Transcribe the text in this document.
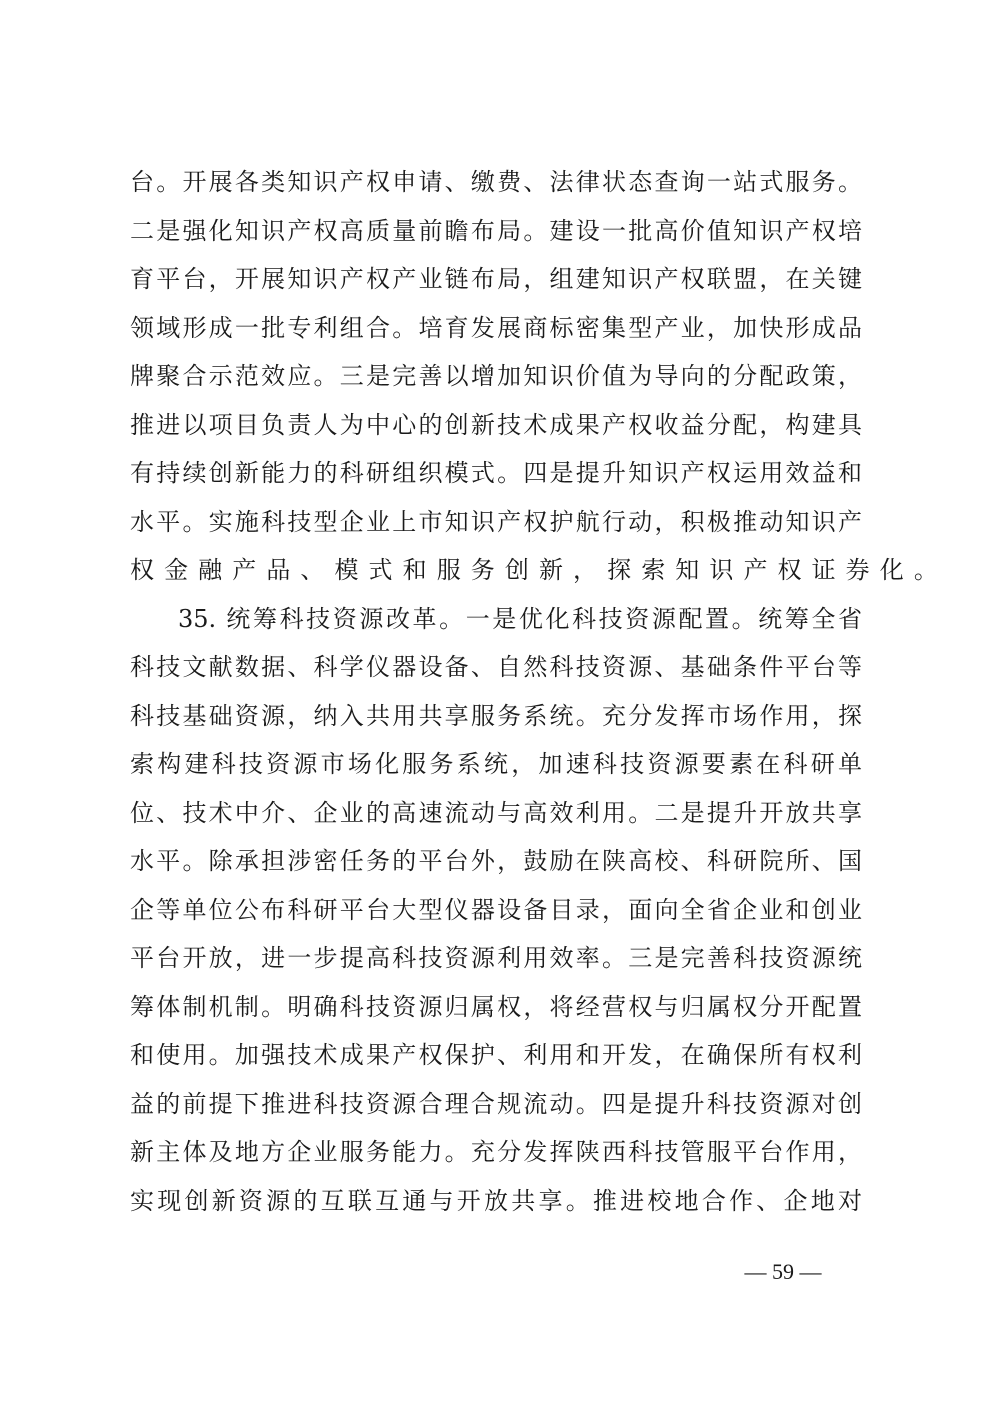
台。开展各类知识产权申请、缴费、法律状态查询一站式服务。
二是强化知识产权高质量前瞻布局。建设一批高价值知识产权培
育平台，开展知识产权产业链布局，组建知识产权联盟，在关键
领域形成一批专利组合。培育发展商标密集型产业，加快形成品
牌聚合示范效应。三是完善以增加知识价值为导向的分配政策，
推进以项目负责人为中心的创新技术成果产权收益分配，构建具
有持续创新能力的科研组织模式。四是提升知识产权运用效益和
水平。实施科技型企业上市知识产权护航行动，积极推动知识产
权金融产品、模式和服务创新，探索知识产权证券化。
35. 统筹科技资源改革。一是优化科技资源配置。统筹全省
科技文献数据、科学仪器设备、自然科技资源、基础条件平台等
科技基础资源，纳入共用共享服务系统。充分发挥市场作用，探
索构建科技资源市场化服务系统，加速科技资源要素在科研单
位、技术中介、企业的高速流动与高效利用。二是提升开放共享
水平。除承担涉密任务的平台外，鼓励在陕高校、科研院所、国
企等单位公布科研平台大型仪器设备目录，面向全省企业和创业
平台开放，进一步提高科技资源利用效率。三是完善科技资源统
筹体制机制。明确科技资源归属权，将经营权与归属权分开配置
和使用。加强技术成果产权保护、利用和开发，在确保所有权利
益的前提下推进科技资源合理合规流动。四是提升科技资源对创
新主体及地方企业服务能力。充分发挥陕西科技管服平台作用，
实现创新资源的互联互通与开放共享。推进校地合作、企地对
— 59 —
